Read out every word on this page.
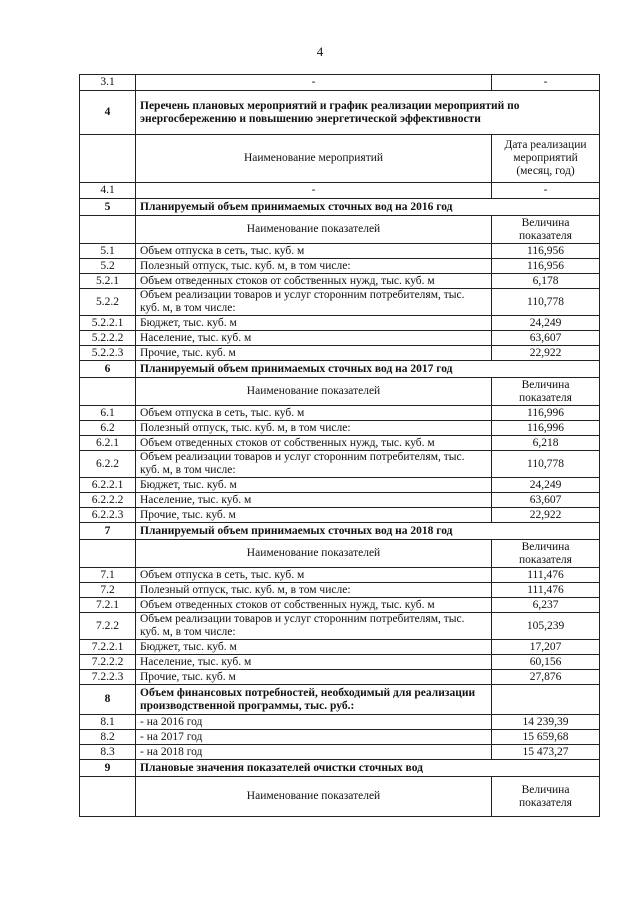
4
3.1	-	-
4	Перечень плановых мероприятий и график реализации мероприятий по энергосбережению и повышению энергетической эффективности	
	Наименование мероприятий	Дата реализации мероприятий (месяц, год)
4.1	-	-
5	Планируемый объем принимаемых сточных вод на 2016 год	
	Наименование показателей	Величина показателя
5.1	Объем отпуска в сеть, тыс. куб. м	116,956
5.2	Полезный отпуск, тыс. куб. м, в том числе:	116,956
5.2.1	Объем отведенных стоков от собственных нужд, тыс. куб. м	6,178
5.2.2	Объем реализации товаров и услуг сторонним потребителям, тыс. куб. м, в том числе:	110,778
5.2.2.1	Бюджет, тыс. куб. м	24,249
5.2.2.2	Население, тыс. куб. м	63,607
5.2.2.3	Прочие, тыс. куб. м	22,922
6	Планируемый объем принимаемых сточных вод на 2017 год	
	Наименование показателей	Величина показателя
6.1	Объем отпуска в сеть, тыс. куб. м	116,996
6.2	Полезный отпуск, тыс. куб. м, в том числе:	116,996
6.2.1	Объем отведенных стоков от собственных нужд, тыс. куб. м	6,218
6.2.2	Объем реализации товаров и услуг сторонним потребителям, тыс. куб. м, в том числе:	110,778
6.2.2.1	Бюджет, тыс. куб. м	24,249
6.2.2.2	Население, тыс. куб. м	63,607
6.2.2.3	Прочие, тыс. куб. м	22,922
7	Планируемый объем принимаемых сточных вод на 2018 год	
	Наименование показателей	Величина показателя
7.1	Объем отпуска в сеть, тыс. куб. м	111,476
7.2	Полезный отпуск, тыс. куб. м, в том числе:	111,476
7.2.1	Объем отведенных стоков от собственных нужд, тыс. куб. м	6,237
7.2.2	Объем реализации товаров и услуг сторонним потребителям, тыс. куб. м, в том числе:	105,239
7.2.2.1	Бюджет, тыс. куб. м	17,207
7.2.2.2	Население, тыс. куб. м	60,156
7.2.2.3	Прочие, тыс. куб. м	27,876
8	Объем финансовых потребностей, необходимый для реализации производственной программы, тыс. руб.:	
8.1	- на 2016 год	14 239,39
8.2	- на 2017 год	15 659,68
8.3	- на 2018 год	15 473,27
9	Плановые значения показателей очистки сточных вод	
	Наименование показателей	Величина показателя
